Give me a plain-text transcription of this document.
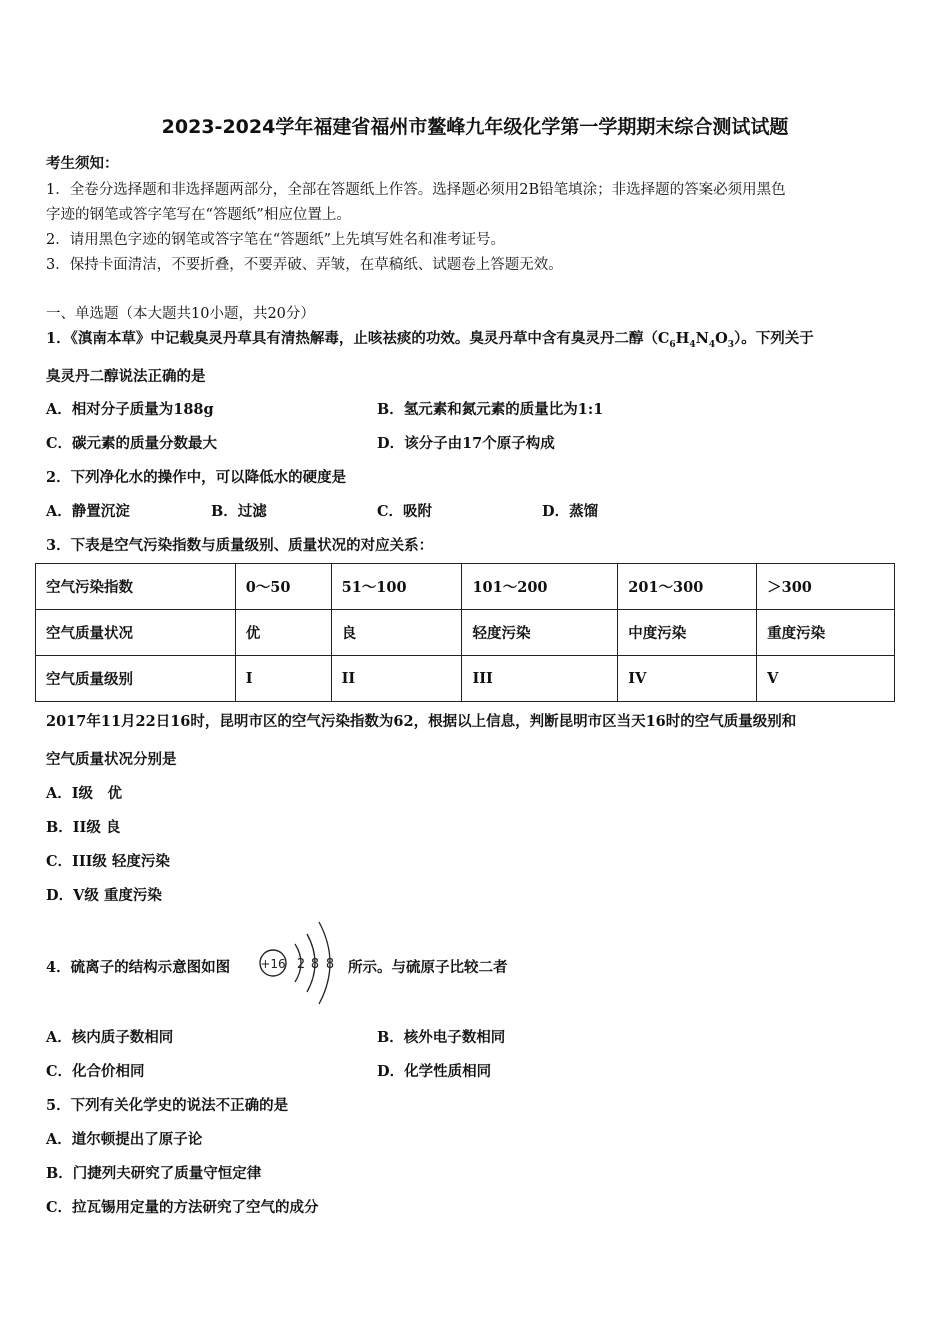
2023-2024学年福建省福州市鳌峰九年级化学第一学期期末综合测试试题
考生须知：
1．全卷分选择题和非选择题两部分，全部在答题纸上作答。选择题必须用2B铅笔填涂；非选择题的答案必须用黑色
字迹的钢笔或答字笔写在“答题纸”相应位置上。
2．请用黑色字迹的钢笔或答字笔在“答题纸”上先填写姓名和准考证号。
3．保持卡面清洁，不要折叠，不要弄破、弄皱，在草稿纸、试题卷上答题无效。
一、单选题（本大题共10小题，共20分）
1．《滇南本草》中记载臭灵丹草具有清热解毒，止咳祛痰的功效。臭灵丹草中含有臭灵丹二醇$(C_6H_4N_4O_3)$。下列关于
臭灵丹二醇说法正确的是
A．相对分子质量为188g	B．氢元素和氮元素的质量比为1:1
C．碳元素的质量分数最大	D．该分子由17个原子构成
2．下列净化水的操作中，可以降低水的硬度是
A．静置沉淀	B．过滤	C．吸附	D．蒸馏
3．下表是空气污染指数与质量级别、质量状况的对应关系：
空气污染指数	0～50	51～100	101～200	201～300	＞300
空气质量状况	优	良	轻度污染	中度污染	重度污染
空气质量级别	I	II	III	IV	V
2017年11月22日16时，昆明市区的空气污染指数为62，根据以上信息，判断昆明市区当天16时的空气质量级别和
空气质量状况分别是
A．I级　优
B．II级 良
C．III级 轻度污染
D．V级 重度污染
4．硫离子的结构示意图如图	+16 2 8 8 所示。与硫原子比较二者
A．核内质子数相同	B．核外电子数相同
C．化合价相同	D．化学性质相同
5．下列有关化学史的说法不正确的是
A．道尔顿提出了原子论
B．门捷列夫研究了质量守恒定律
C．拉瓦锡用定量的方法研究了空气的成分
